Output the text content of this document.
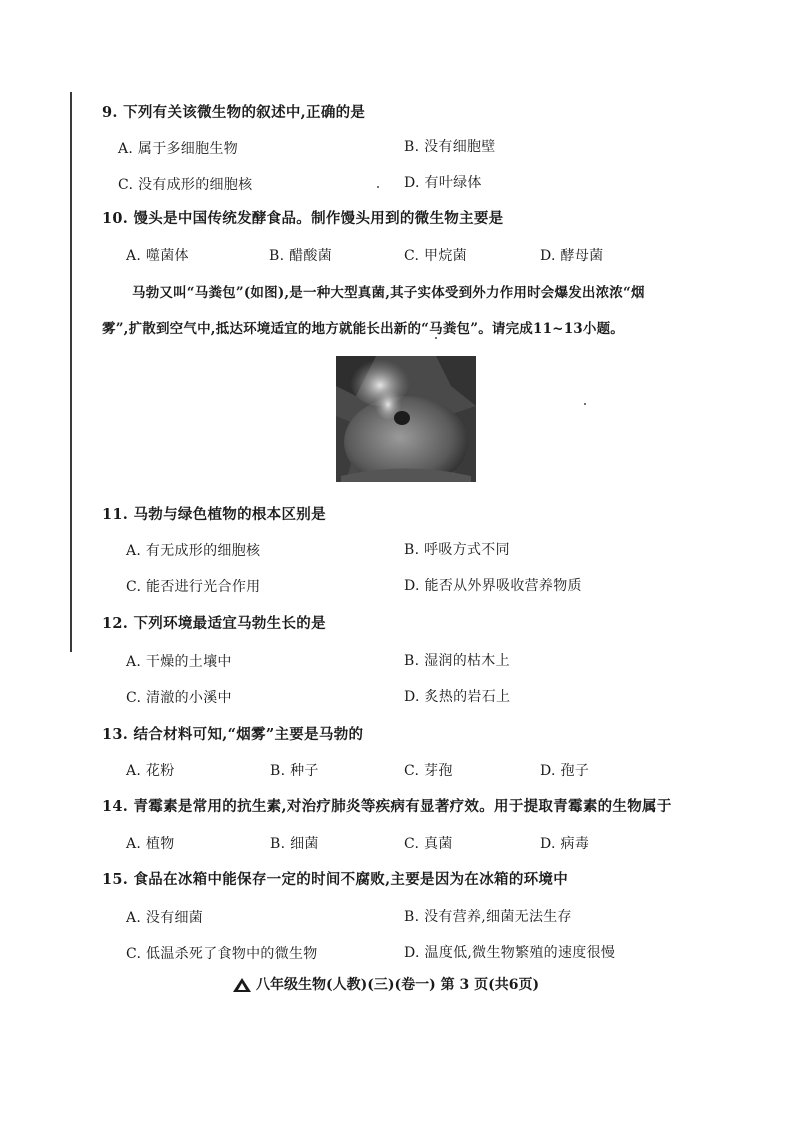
9. 下列有关该微生物的叙述中,正确的是
A. 属于多细胞生物	B. 没有细胞壁
C. 没有成形的细胞核	D. 有叶绿体
10. 馒头是中国传统发酵食品。制作馒头用到的微生物主要是
A. 噬菌体	B. 醋酸菌	C. 甲烷菌	D. 酵母菌
马勃又叫“马粪包”(如图),是一种大型真菌,其子实体受到外力作用时会爆发出浓浓“烟
雾”,扩散到空气中,抵达环境适宜的地方就能长出新的“马粪包”。请完成11~13小题。
11. 马勃与绿色植物的根本区别是
A. 有无成形的细胞核	B. 呼吸方式不同
C. 能否进行光合作用	D. 能否从外界吸收营养物质
12. 下列环境最适宜马勃生长的是
A. 干燥的土壤中	B. 湿润的枯木上
C. 清澈的小溪中	D. 炙热的岩石上
13. 结合材料可知,“烟雾”主要是马勃的
A. 花粉	B. 种子	C. 芽孢	D. 孢子
14. 青霉素是常用的抗生素,对治疗肺炎等疾病有显著疗效。用于提取青霉素的生物属于
A. 植物	B. 细菌	C. 真菌	D. 病毒
15. 食品在冰箱中能保存一定的时间不腐败,主要是因为在冰箱的环境中
A. 没有细菌	B. 没有营养,细菌无法生存
C. 低温杀死了食物中的微生物	D. 温度低,微生物繁殖的速度很慢
八年级生物(人教)(三)(卷一) 第 3 页(共6页)
